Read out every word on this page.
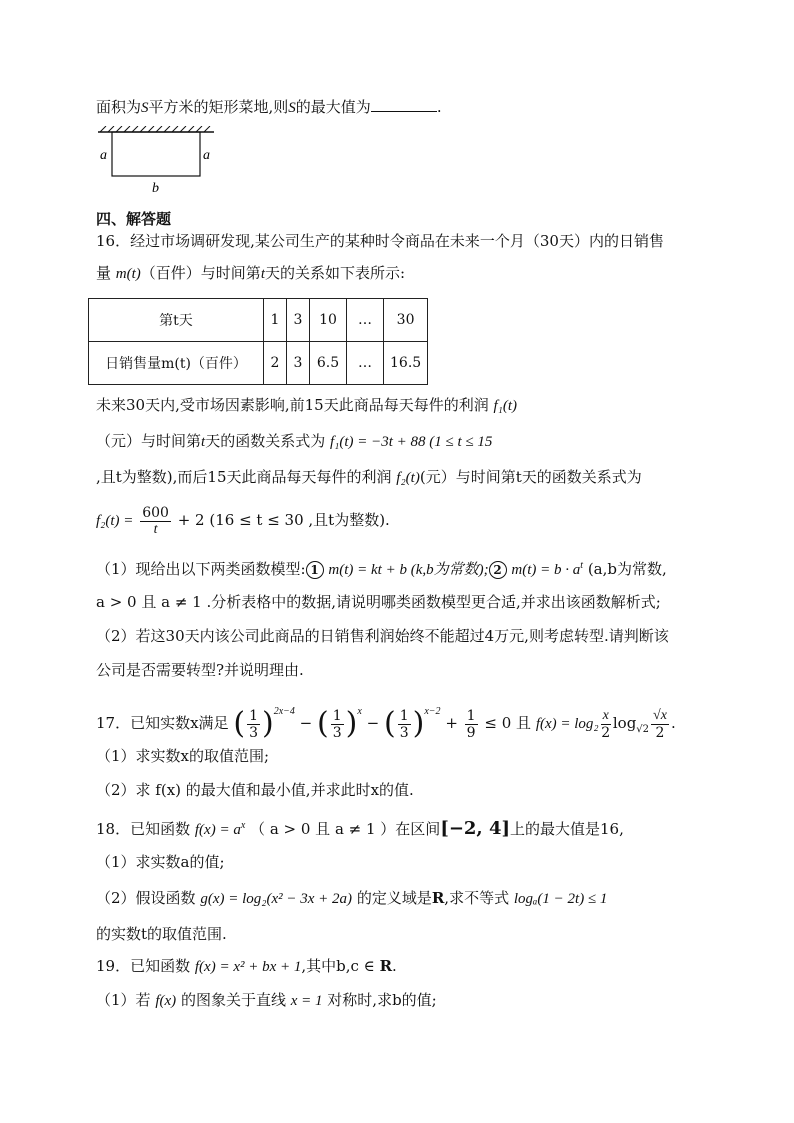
面积为S平方米的矩形菜地,则S的最大值为	.
a	a
b
四、解答题
16．经过市场调研发现,某公司生产的某种时令商品在未来一个月（30天）内的日销售
量 m(t)（百件）与时间第t天的关系如下表所示:
第t天	1	3	10	…	30
日销售量m(t)（百件）	2	3	6.5	…	16.5
未来30天内,受市场因素影响,前15天此商品每天每件的利润 f₁(t)
（元）与时间第t天的函数关系式为 f₁(t) = −3t + 88 (1 ≤ t ≤ 15
,且t为整数),而后15天此商品每天每件的利润 f₂(t)(元）与时间第t天的函数关系式为
$f_2(t) = \frac{600}{t} + 2$ (16 ≤ t ≤ 30 ,且t为整数).
（1）现给出以下两类函数模型: 1 m(t) = kt + b (k,b为常数); 2 $m(t) = b \cdot a^t$ (a,b为常数,
a > 0 且 a ≠ 1 .分析表格中的数据,请说明哪类函数模型更合适,并求出该函数解析式;
（2）若这30天内该公司此商品的日销售利润始终不能超过4万元,则考虑转型.请判断该
公司是否需要转型?并说明理由.
17．已知实数x满足 ( $\frac{1}{3} )^{2x-4}$ − ( $\frac{1}{3} )^x$ − ( $\frac{1}{3} )^{x-2} + \frac{1}{9} \le 0$ 且 $f(x) = \log_2 \frac{x}{2} \log_{√2} \frac{√x}{2}$ .
（1）求实数x的取值范围;
（2）求 f(x) 的最大值和最小值,并求此时x的值.
18．已知函数 $f(x) = a^x$ （ a > 0 且 a ≠ 1 ）在区间[−2, 4]上的最大值是16,
（1）求实数a的值;
（2）假设函数 g(x) = log₂(x² − 3x + 2a) 的定义域是R,求不等式 logₐ(1 − 2t) ≤ 1
的实数t的取值范围.
19．已知函数 f(x) = x² + bx + 1,其中b,c ∈ R.
（1）若 f(x) 的图象关于直线 x = 1 对称时,求b的值;
